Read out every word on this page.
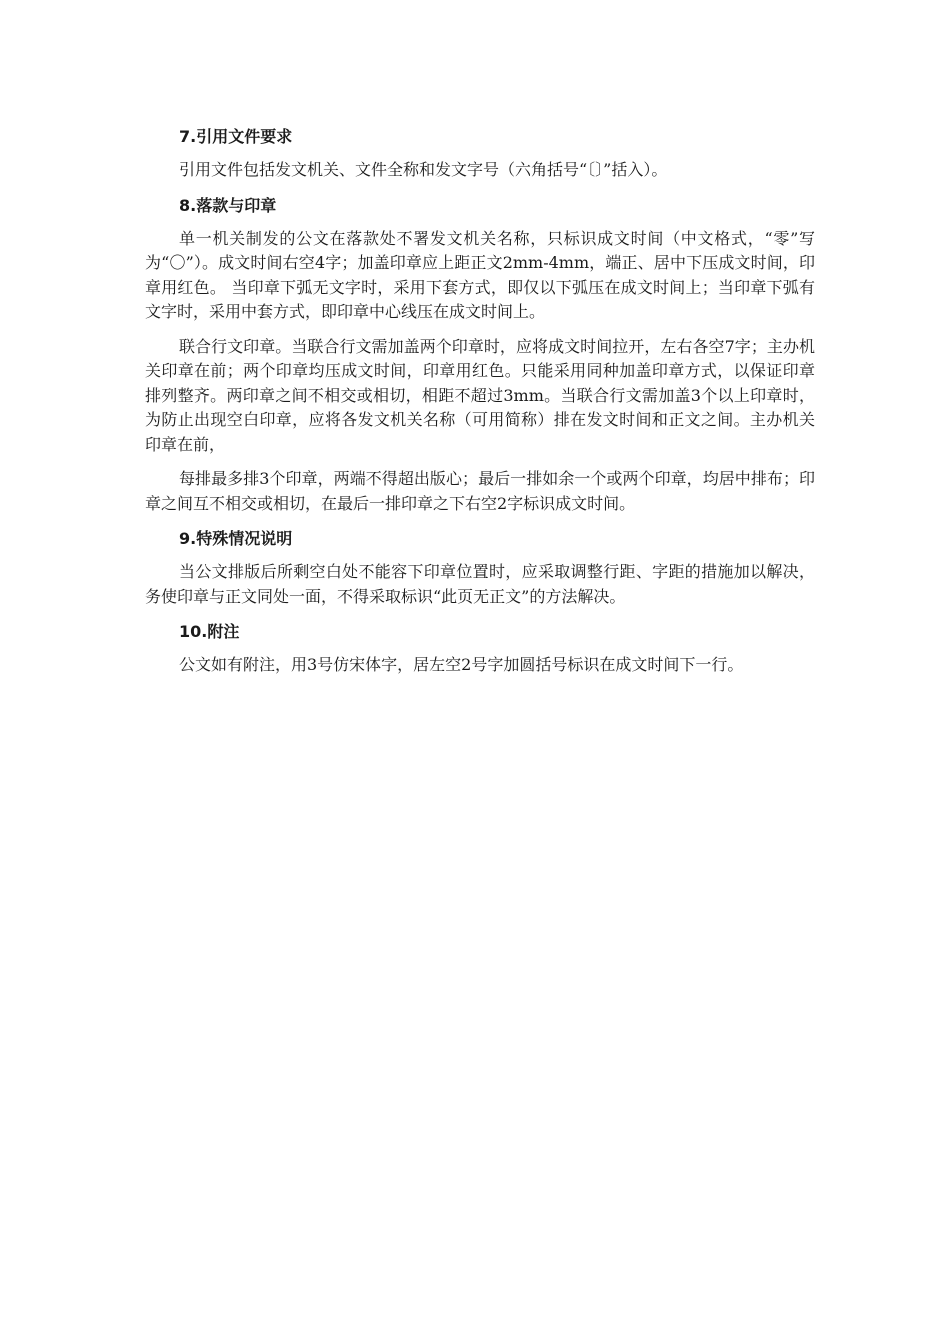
7.引用文件要求

引用文件包括发文机关、文件全称和发文字号（六角括号“〔〕”括入）。

8.落款与印章

单一机关制发的公文在落款处不署发文机关名称，只标识成文时间（中文格式，“零”写为“〇”）。成文时间右空4字；加盖印章应上距正文2mm-4mm，端正、居中下压成文时间，印章用红色。 当印章下弧无文字时，采用下套方式，即仅以下弧压在成文时间上；当印章下弧有文字时，采用中套方式，即印章中心线压在成文时间上。

联合行文印章。当联合行文需加盖两个印章时，应将成文时间拉开，左右各空7字；主办机关印章在前；两个印章均压成文时间，印章用红色。只能采用同种加盖印章方式，以保证印章排列整齐。两印章之间不相交或相切，相距不超过3mm。当联合行文需加盖3个以上印章时，为防止出现空白印章，应将各发文机关名称（可用简称）排在发文时间和正文之间。主办机关印章在前，

每排最多排3个印章，两端不得超出版心；最后一排如余一个或两个印章，均居中排布；印章之间互不相交或相切，在最后一排印章之下右空2字标识成文时间。

9.特殊情况说明

当公文排版后所剩空白处不能容下印章位置时，应采取调整行距、字距的措施加以解决，务使印章与正文同处一面，不得采取标识“此页无正文”的方法解决。

10.附注

公文如有附注，用3号仿宋体字，居左空2号字加圆括号标识在成文时间下一行。
